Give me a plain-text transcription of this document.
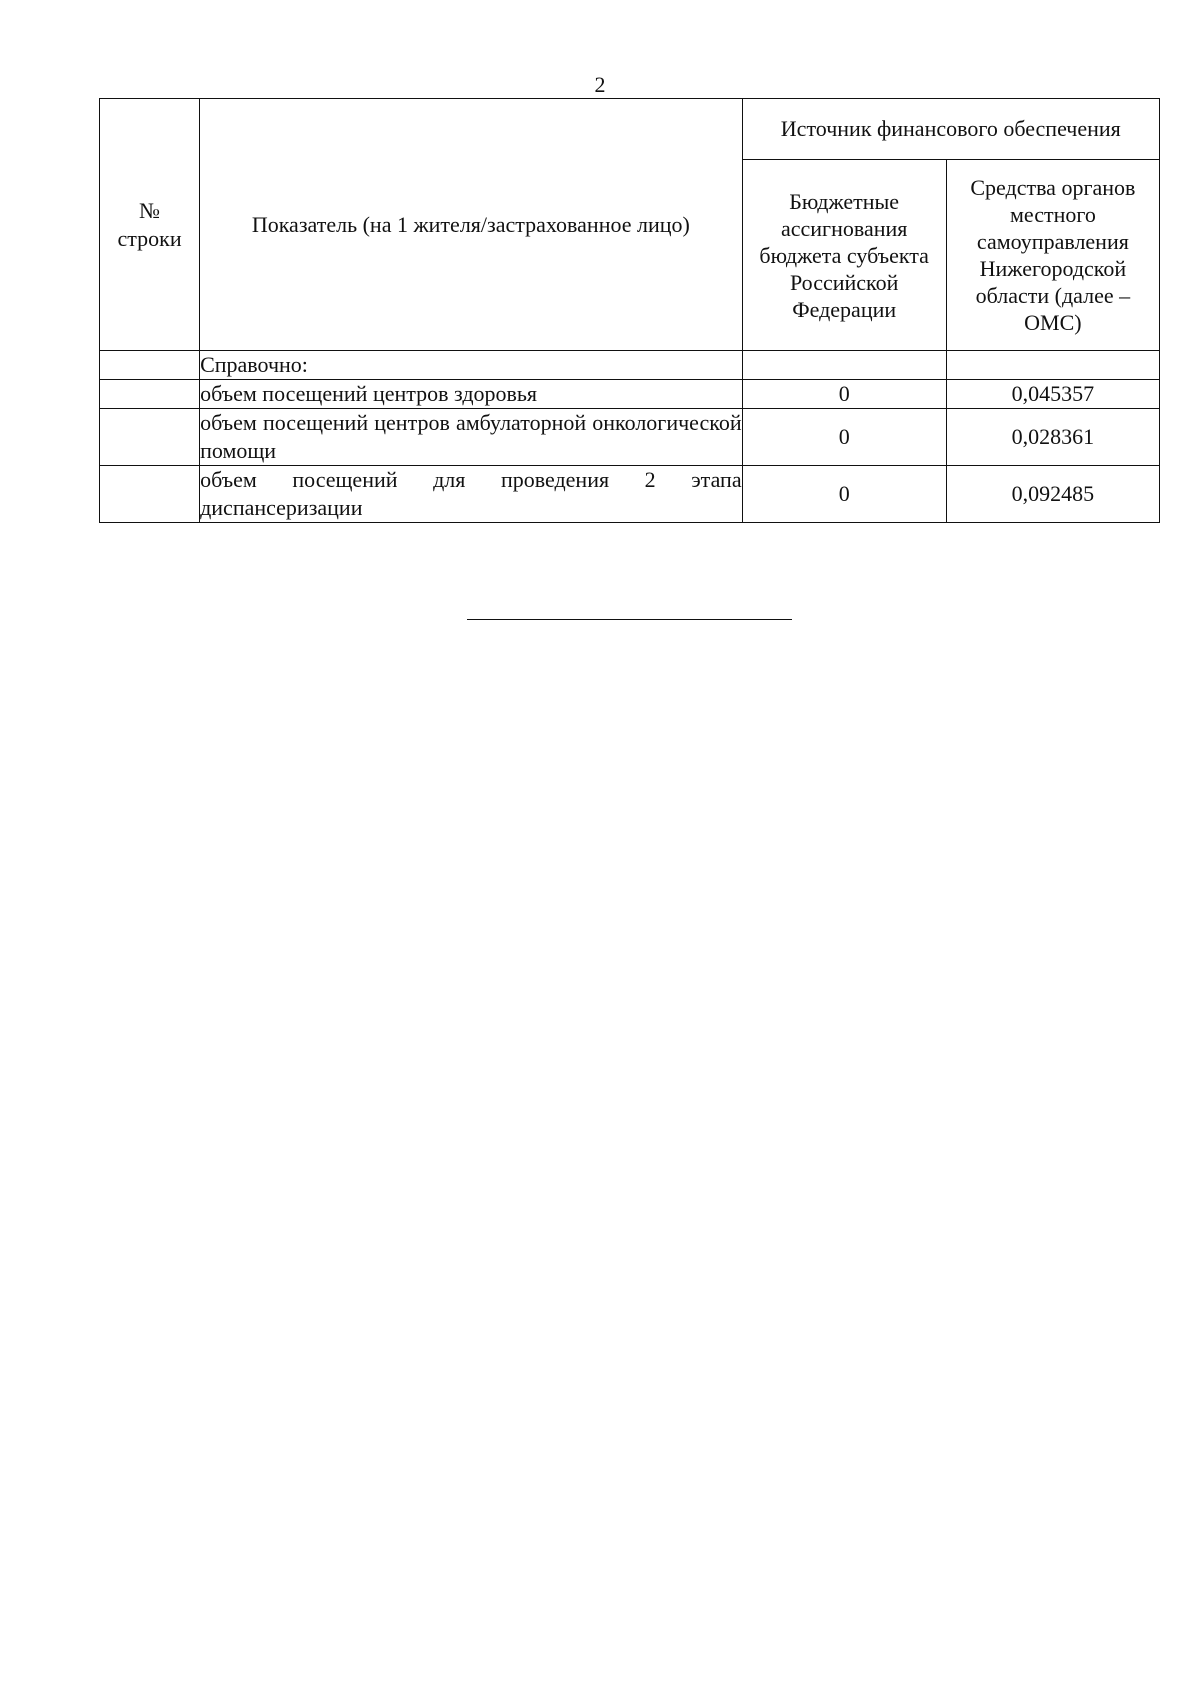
2
№
строки	Показатель (на 1 жителя/застрахованное лицо)	Источник финансового обеспечения	
		Бюджетные ассигнования бюджета субъекта Российской Федерации	Средства органов местного самоуправления Нижегородской области (далее – ОМС)
	Справочно:		
	объем посещений центров здоровья	0	0,045357
	объем посещений центров амбулаторной онкологической помощи	0	0,028361
	объем посещений для проведения 2 этапа диспансеризации	0	0,092485
